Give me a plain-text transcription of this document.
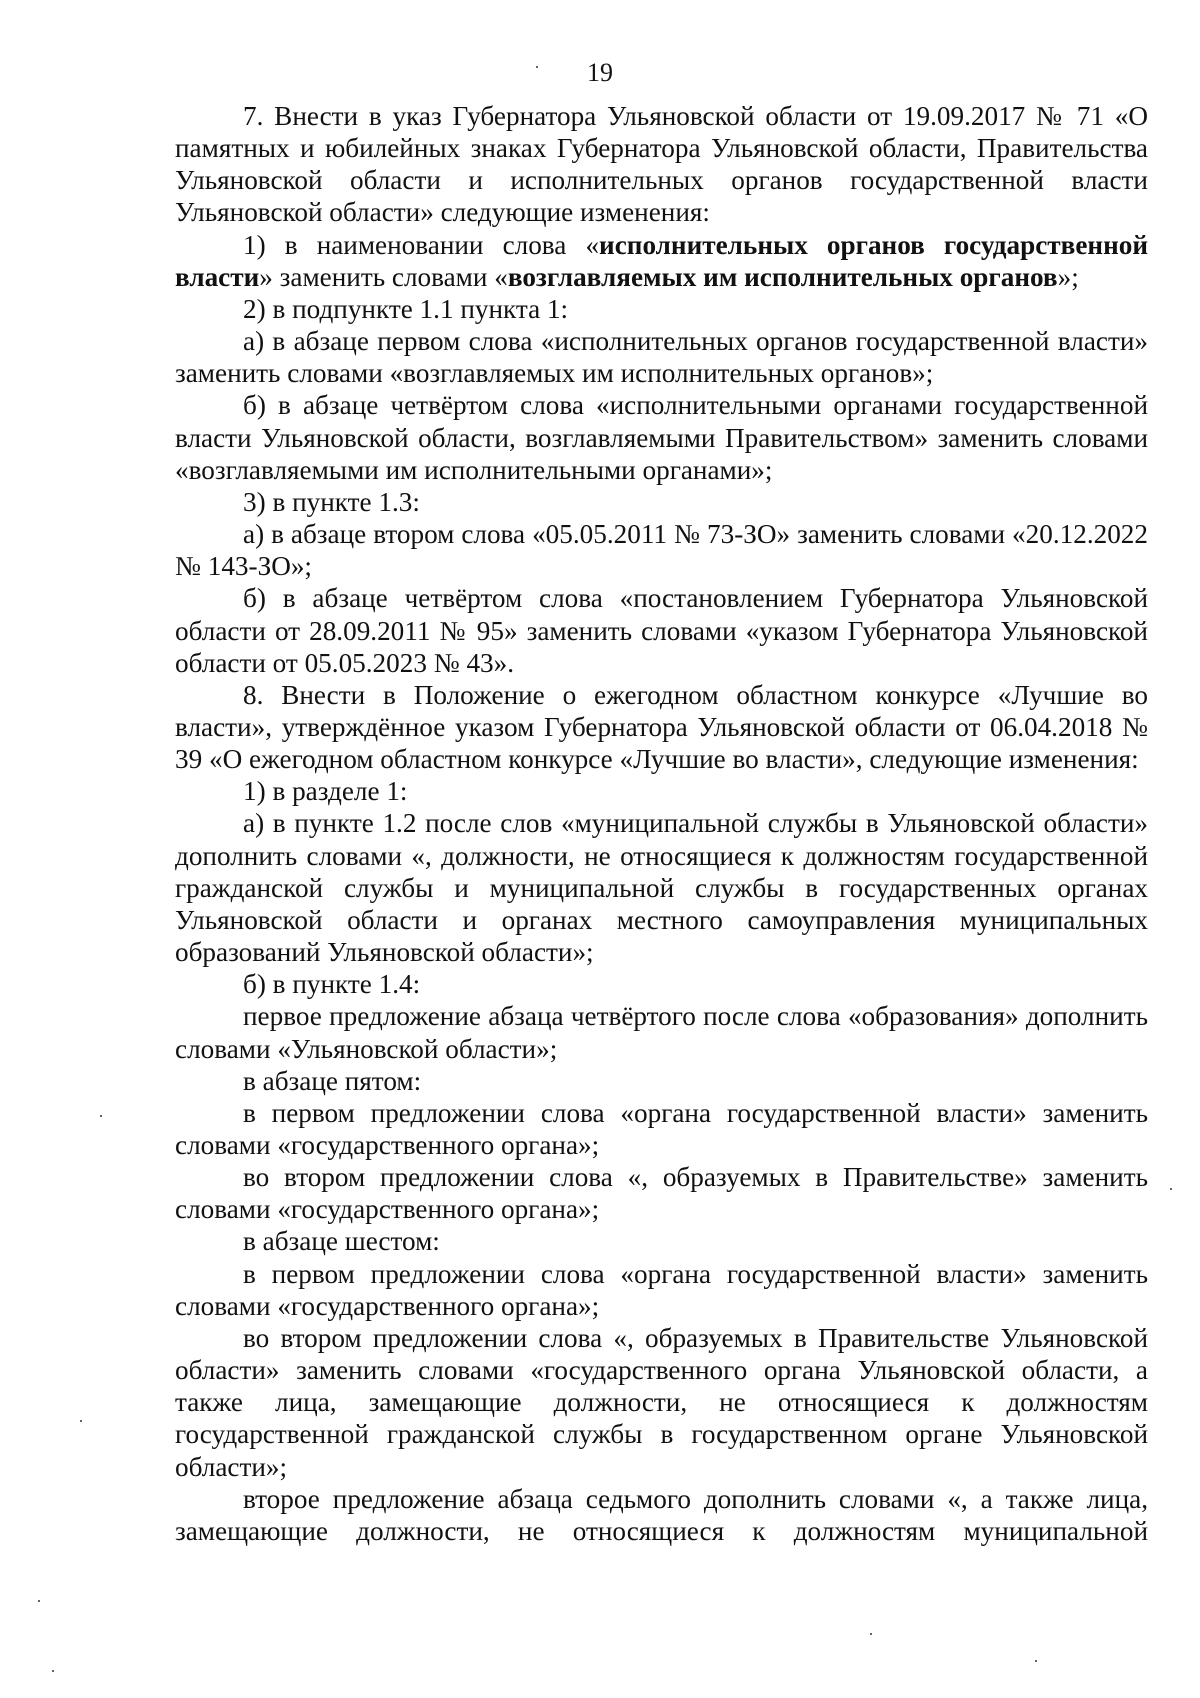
19

7. Внести в указ Губернатора Ульяновской области от 19.09.2017 № 71 «О памятных и юбилейных знаках Губернатора Ульяновской области, Правительства Ульяновской области и исполнительных органов государственной власти Ульяновской области» следующие изменения:

1) в наименовании слова «исполнительных органов государственной власти» заменить словами «возглавляемых им исполнительных органов»;

2) в подпункте 1.1 пункта 1:

а) в абзаце первом слова «исполнительных органов государственной власти» заменить словами «возглавляемых им исполнительных органов»;

б) в абзаце четвёртом слова «исполнительными органами государственной власти Ульяновской области, возглавляемыми Правительством» заменить словами «возглавляемыми им исполнительными органами»;

3) в пункте 1.3:

а) в абзаце втором слова «05.05.2011 № 73-ЗО» заменить словами «20.12.2022 № 143-ЗО»;

б) в абзаце четвёртом слова «постановлением Губернатора Ульяновской области от 28.09.2011 № 95» заменить словами «указом Губернатора Ульяновской области от 05.05.2023 № 43».

8. Внести в Положение о ежегодном областном конкурсе «Лучшие во власти», утверждённое указом Губернатора Ульяновской области от 06.04.2018 № 39 «О ежегодном областном конкурсе «Лучшие во власти», следующие изменения:

1) в разделе 1:

а) в пункте 1.2 после слов «муниципальной службы в Ульяновской области» дополнить словами «, должности, не относящиеся к должностям государственной гражданской службы и муниципальной службы в государственных органах Ульяновской области и органах местного самоуправления муниципальных образований Ульяновской области»;

б) в пункте 1.4:

первое предложение абзаца четвёртого после слова «образования» дополнить словами «Ульяновской области»;

в абзаце пятом:

в первом предложении слова «органа государственной власти» заменить словами «государственного органа»;

во втором предложении слова «, образуемых в Правительстве» заменить словами «государственного органа»;

в абзаце шестом:

в первом предложении слова «органа государственной власти» заменить словами «государственного органа»;

во втором предложении слова «, образуемых в Правительстве Ульяновской области» заменить словами «государственного органа Ульяновской области, а также лица, замещающие должности, не относящиеся к должностям государственной гражданской службы в государственном органе Ульяновской области»;

второе предложение абзаца седьмого дополнить словами «, а также лица, замещающие должности, не относящиеся к должностям муниципальной
